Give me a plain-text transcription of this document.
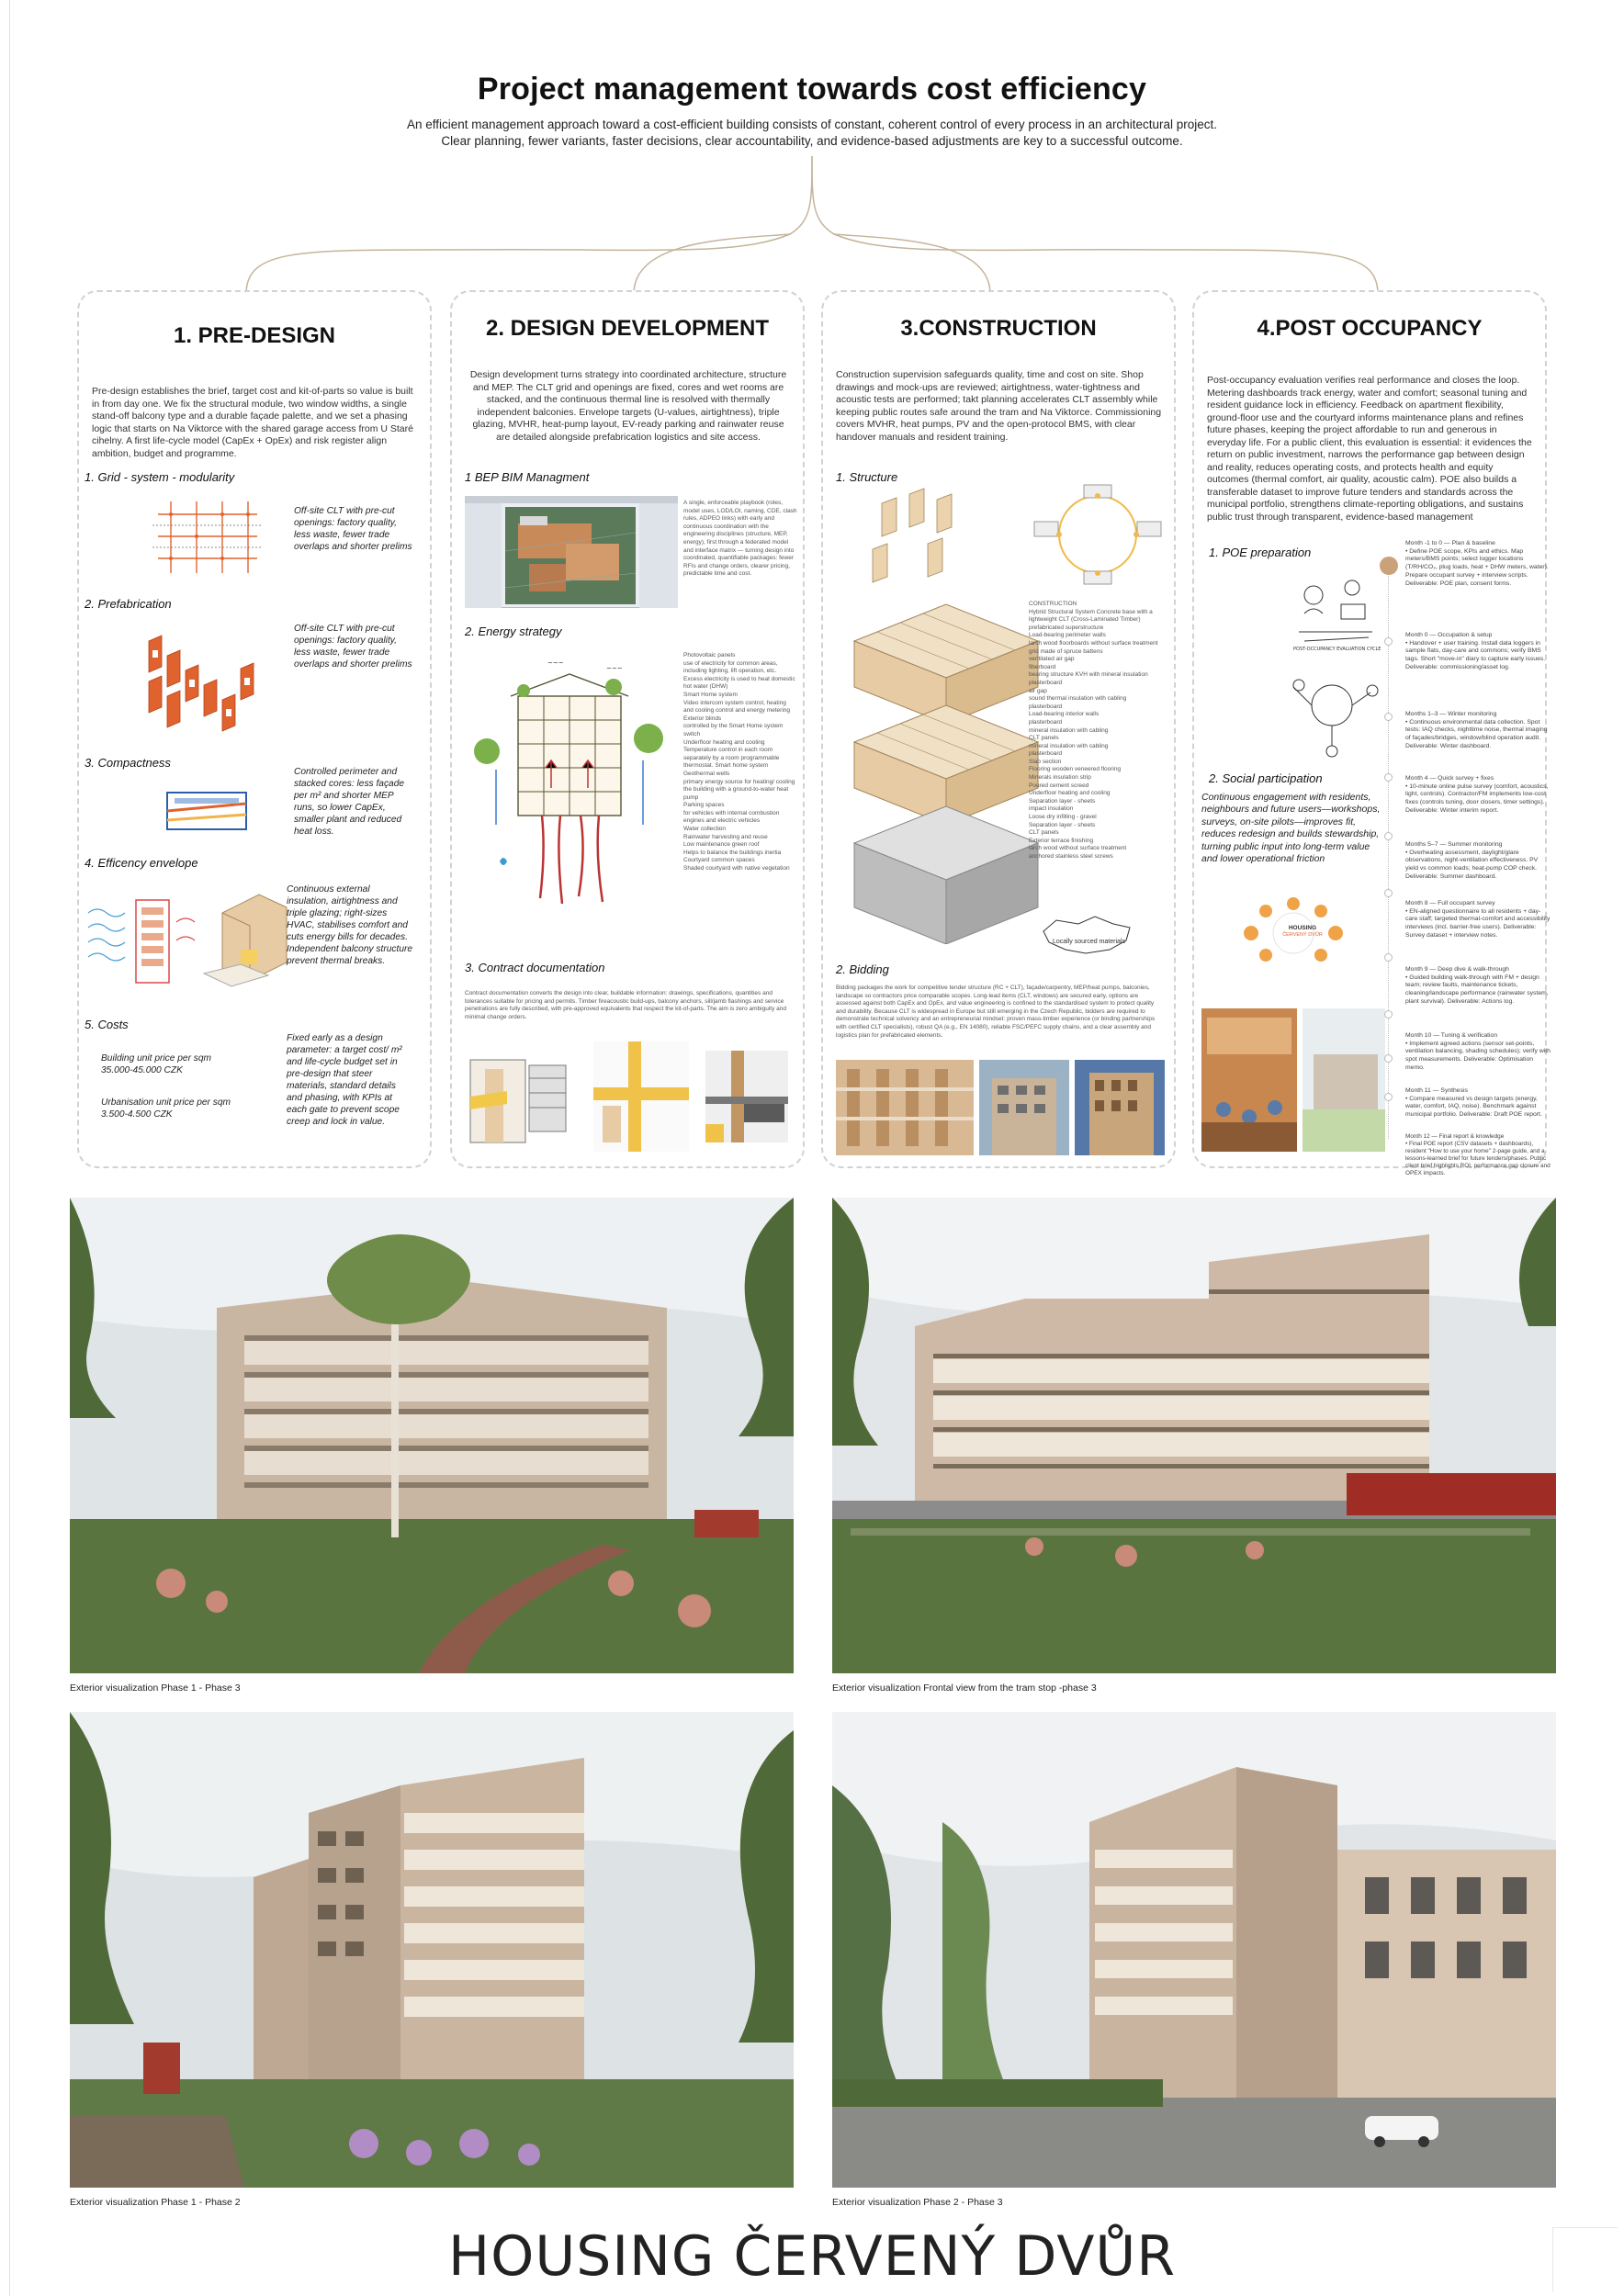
Project management towards cost efficiency
An efficient management approach toward a cost-efficient building consists of constant, coherent control of every process in an architectural project.
Clear planning, fewer variants, faster decisions, clear accountability, and evidence-based adjustments are key to a successful outcome.
1. PRE-DESIGN
Pre-design establishes the brief, target cost and kit-of-parts so value is built in from day one. We fix the structural module, two window widths, a single stand-off balcony type and a durable façade palette, and we set a phasing logic that starts on Na Viktorce with the shared garage access from U Staré cihelny. A first life-cycle model (CapEx + OpEx) and risk register align ambition, budget and programme.
1. Grid - system - modularity
Off-site CLT with pre-cut openings: factory quality, less waste, fewer trade overlaps and shorter prelims
2. Prefabrication
Off-site CLT with pre-cut openings: factory quality, less waste, fewer trade overlaps and shorter prelims
3. Compactness
Controlled perimeter and stacked cores: less façade per m² and shorter MEP runs, so lower CapEx, smaller plant and reduced heat loss.
4. Efficency envelope
Continuous external insulation, airtightness and triple glazing; right-sizes HVAC, stabilises comfort and cuts energy bills for decades. Independent balcony structure prevent thermal breaks.
5. Costs
Building unit price per sqm 35.000-45.000 CZK
Urbanisation unit price per sqm 3.500-4.500 CZK
Fixed early as a design parameter: a target cost/ m² and life-cycle budget set in pre-design that steer materials, standard details and phasing, with KPIs at each gate to prevent scope creep and lock in value.
2. DESIGN DEVELOPMENT
Design development turns strategy into coordinated architecture, structure and MEP. The CLT grid and openings are fixed, cores and wet rooms are stacked, and the continuous thermal line is resolved with thermally independent balconies. Envelope targets (U-values, airtightness), triple glazing, MVHR, heat-pump layout, EV-ready parking and rainwater reuse are detailed alongside prefabrication logistics and site access.
1 BEP BIM Managment
A single, enforceable playbook (roles, model uses, LOD/LOI, naming, CDE, clash rules, ADPEO links) with early and continuous coordination with the engineering disciplines (structure, MEP, energy), first through a federated model and interface matrix — turning design into coordinated, quantifiable packages: fewer RFIs and change orders, clearer pricing, predictable time and cost.
2. Energy strategy
~~~
~~~
Photovoltaic panels
use of electricity for common areas, including lighting, lift operation, etc.
Excess electricity is used to heat domestic hot water (DHW)
Smart Home system
Video intercom system control, heating and cooling control and energy metering
Exterior blinds
controlled by the Smart Home system switch
Underfloor heating and cooling
Temperature control in each room separately by a room programmable thermostat. Smart home system
Geothermal wells
primary energy source for heating/ cooling the building with a ground-to-water heat pump
Parking spaces
for vehicles with internal combustion engines and electric vehicles
Water collection
Rainwater harvesting and reuse
Low maintenance green roof
Helps to balance the buildings inertia
Courtyard common spaces
Shaded courtyard with native vegetation
3. Contract documentation
Contract documentation converts the design into clear, buildable information: drawings, specifications, quantities and tolerances suitable for pricing and permits. Timber fireacoustic build-ups, balcony anchors, sill/jamb flashings and service penetrations are fully described, with pre-approved equivalents that respect the kit-of-parts. The aim is zero ambiguity and minimal change orders.
3.CONSTRUCTION
Construction supervision safeguards quality, time and cost on site. Shop drawings and mock-ups are reviewed; airtightness, water-tightness and acoustic tests are performed; takt planning accelerates CLT assembly while keeping public routes safe around the tram and Na Viktorce. Commissioning covers MVHR, heat pumps, PV and the open-protocol BMS, with clear handover manuals and resident training.
1. Structure
CONSTRUCTION
Hybrid Structural System Concrete base with a lightweight CLT (Cross-Laminated Timber) prefabricated superstructure
Load-bearing perimeter walls
larch wood floorboards without surface treatment
grid made of spruce battens
ventilated air gap
fiberboard
bearing structure KVH with mineral insulation
plasterboard
air gap
sound thermal insulation with cabling
plasterboard
Load-bearing interior walls
plasterboard
mineral insulation with cabling
CLT panels
mineral insulation with cabling
plasterboard
Slab section
Flooring wooden veneered flooring
Minerals insulation strip
Poured cement screed
Underfloor heating and cooling
Separation layer - sheets
impact insulation
Loose dry infilling - gravel
Separation layer - sheets
CLT panels
Exterior terrace finishing
larch wood without surface treatment
anchored stainless steel screws
Locally sourced materials
2. Bidding
Bidding packages the work for competitive tender structure (RC + CLT), façade/carpentry, MEP/heat pumps, balconies, landscape so contractors price comparable scopes. Long-lead items (CLT, windows) are secured early, options are assessed against both CapEx and OpEx, and value engineering is confined to the standardised system to protect quality and durability. Because CLT is widespread in Europe but still emerging in the Czech Republic, bidders are required to demonstrate technical solvency and an entrepreneurial mindset: proven mass-timber experience (or binding partnerships with certified CLT specialists), robust QA (e.g., EN 14080), reliable FSC/PEFC supply chains, and a clear assembly and logistics plan for prefabricated elements.
4.POST OCCUPANCY
Post-occupancy evaluation verifies real performance and closes the loop. Metering dashboards track energy, water and comfort; seasonal tuning and resident guidance lock in efficiency. Feedback on apartment flexibility, ground-floor use and the courtyard informs maintenance plans and refines future phases, keeping the project affordable to run and generous in everyday life. For a public client, this evaluation is essential: it evidences the return on public investment, narrows the performance gap between design and reality, reduces operating costs, and protects health and equity outcomes (thermal comfort, air quality, acoustic calm). POE also builds a transferable dataset to improve future tenders and standards across the municipal portfolio, strengthens climate-reporting obligations, and sustains public trust through transparent, evidence-based management
1. POE preparation
POST-OCCUPANCY EVALUATION CYCLE
2. Social participation
Continuous engagement with residents, neighbours and future users—workshops, surveys, on-site pilots—improves fit, reduces redesign and builds stewardship, turning public input into long-term value and lower operational friction
HOUSING
ČERVENÝ DVŮR
Month -1 to 0 — Plan & baseline
• Define POE scope, KPIs and ethics. Map meters/BMS points; select logger locations (T/RH/CO₂, plug loads, heat + DHW meters, water). Prepare occupant survey + interview scripts. Deliverable: POE plan, consent forms.
Month 0 — Occupation & setup
• Handover + user training. Install data loggers in sample flats, day-care and commons; verify BMS tags. Short "move-in" diary to capture early issues. Deliverable: commissioning/asset log.
Months 1–3 — Winter monitoring
• Continuous environmental data collection. Spot tests: IAQ checks, nighttime noise, thermal imaging of façades/bridges, window/blind operation audit. Deliverable: Winter dashboard.
Month 4 — Quick survey + fixes
• 10-minute online pulse survey (comfort, acoustics, light, controls). Contractor/FM implements low-cost fixes (controls tuning, door closers, timer settings). Deliverable: Winter interim report.
Months 5–7 — Summer monitoring
• Overheating assessment, daylight/glare observations, night-ventilation effectiveness. PV yield vs common loads; heat-pump COP check. Deliverable: Summer dashboard.
Month 8 — Full occupant survey
• EN-aligned questionnaire to all residents + day-care staff; targeted thermal-comfort and accessibility interviews (incl. barrier-free users). Deliverable: Survey dataset + interview notes.
Month 9 — Deep dive & walk-through
• Guided building walk-through with FM + design team; review faults, maintenance tickets, cleaning/landscape performance (rainwater system, plant survival). Deliverable: Actions log.
Month 10 — Tuning & verification
• Implement agreed actions (sensor set-points, ventilation balancing, shading schedules); verify with spot measurements. Deliverable: Optimisation memo.
Month 11 — Synthesis
• Compare measured vs design targets (energy, water, comfort, IAQ, noise). Benchmark against municipal portfolio. Deliverable: Draft POE report.
Month 12 — Final report & knowledge
• Final POE report (CSV datasets + dashboards), resident "How to use your home" 2-page guide, and a lessons-learned brief for future tenders/phases. Public client brief highlights ROI, performance gap closure and OPEX impacts.
Exterior visualization Phase 1 - Phase 3	Exterior visualization Frontal view from the tram stop -phase 3
Exterior visualization Phase 1 - Phase 2	Exterior visualization Phase 2 - Phase 3
HOUSING ČERVENÝ DVŮR
